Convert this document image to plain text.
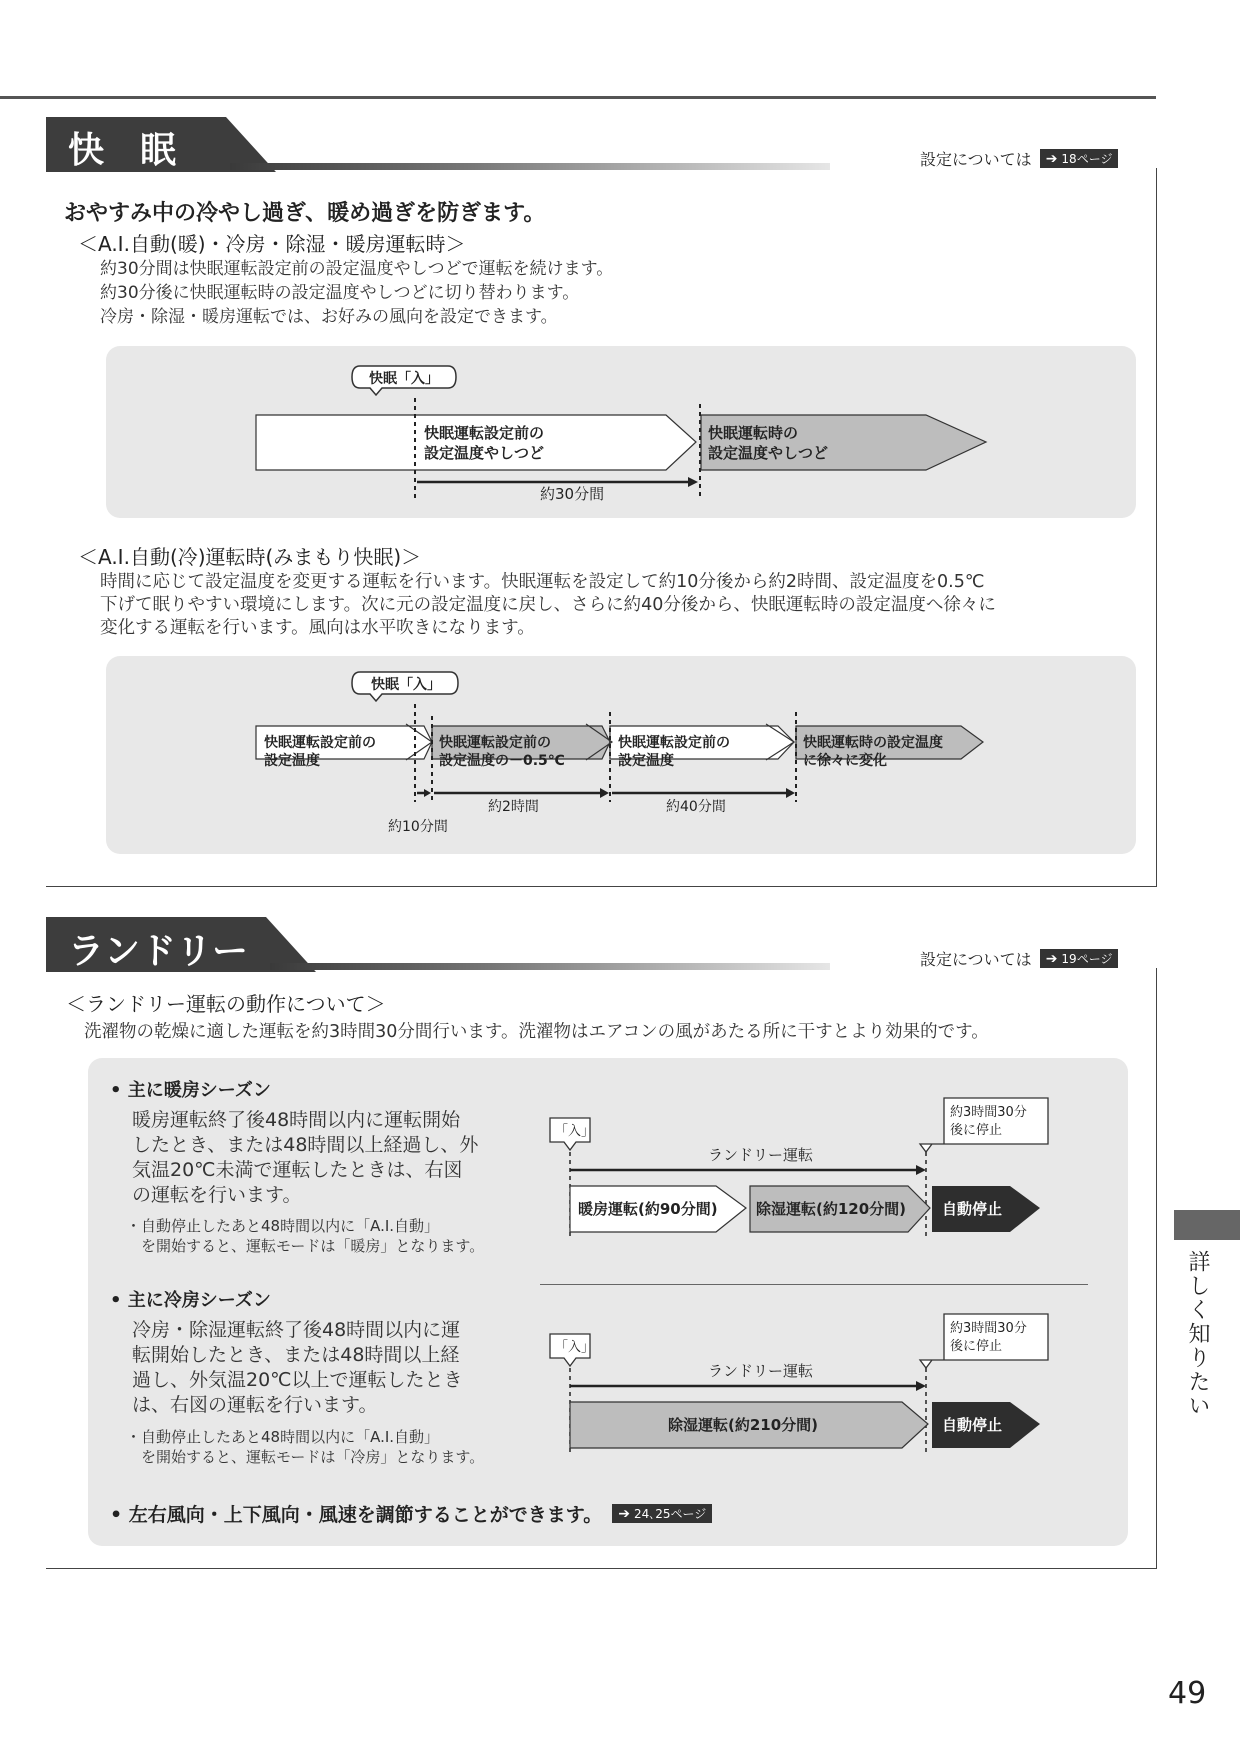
快　眠	設定については ➔ 18ページ
おやすみ中の冷やし過ぎ、暖め過ぎを防ぎます。
＜A.I.自動(暖)・冷房・除湿・暖房運転時＞
約30分間は快眠運転設定前の設定温度やしつどで運転を続けます。
約30分後に快眠運転時の設定温度やしつどに切り替わります。
冷房・除湿・暖房運転では、お好みの風向を設定できます。
快眠「入」
快眠運転設定前の
設定温度やしつど
快眠運転時の
設定温度やしつど
約30分間
＜A.I.自動(冷)運転時(みまもり快眠)＞
時間に応じて設定温度を変更する運転を行います。快眠運転を設定して約10分後から約2時間、設定温度を0.5℃
下げて眠りやすい環境にします。次に元の設定温度に戻し、さらに約40分後から、快眠運転時の設定温度へ徐々に
変化する運転を行います。風向は水平吹きになります。
快眠「入」
快眠運転設定前の
設定温度
快眠運転設定前の
設定温度の－0.5℃
快眠運転設定前の
設定温度
快眠運転時の設定温度
に徐々に変化
約2時間	約40分間
約10分間
ランドリー	設定については ➔ 19ページ
＜ランドリー運転の動作について＞
洗濯物の乾燥に適した運転を約3時間30分間行います。洗濯物はエアコンの風があたる所に干すとより効果的です。
• 主に暖房シーズン
暖房運転終了後48時間以内に運転開始
したとき、または48時間以上経過し、外
気温20℃未満で運転したときは、右図
の運転を行います。
・自動停止したあと48時間以内に「A.I.自動」
　を開始すると、運転モードは「暖房」となります。
「入」
約3時間30分
後に停止
ランドリー運転
暖房運転(約90分間)	除湿運転(約120分間) 自動停止
• 主に冷房シーズン
冷房・除湿運転終了後48時間以内に運
転開始したとき、または48時間以上経
過し、外気温20℃以上で運転したとき
は、右図の運転を行います。
・自動停止したあと48時間以内に「A.I.自動」
　を開始すると、運転モードは「冷房」となります。
「入」
約3時間30分
後に停止
ランドリー運転
除湿運転(約210分間)	自動停止
• 左右風向・上下風向・風速を調節することができます。 ➔ 24､25ページ
詳しく知りたい
49
